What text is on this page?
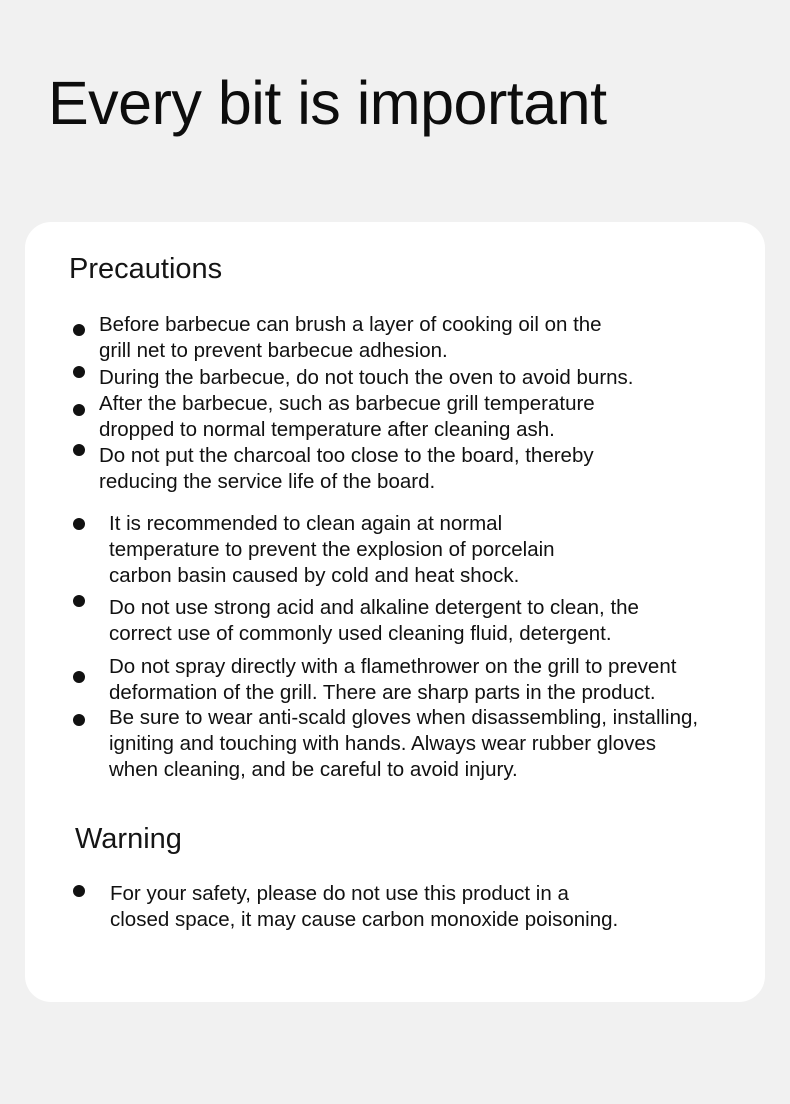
Every bit is important
Precautions
Before barbecue can brush a layer of cooking oil on the
grill net to prevent barbecue adhesion.
During the barbecue, do not touch the oven to avoid burns.
After the barbecue, such as barbecue grill temperature
dropped to normal temperature after cleaning ash.
Do not put the charcoal too close to the board, thereby
reducing the service life of the board.
It is recommended to clean again at normal
temperature to prevent the explosion of porcelain
carbon basin caused by cold and heat shock.
Do not use strong acid and alkaline detergent to clean, the
correct use of commonly used cleaning fluid, detergent.
Do not spray directly with a flamethrower on the grill to prevent
deformation of the grill. There are sharp parts in the product.
Be sure to wear anti-scald gloves when disassembling, installing,
igniting and touching with hands. Always wear rubber gloves
when cleaning, and be careful to avoid injury.
Warning
For your safety, please do not use this product in a
closed space, it may cause carbon monoxide poisoning.
